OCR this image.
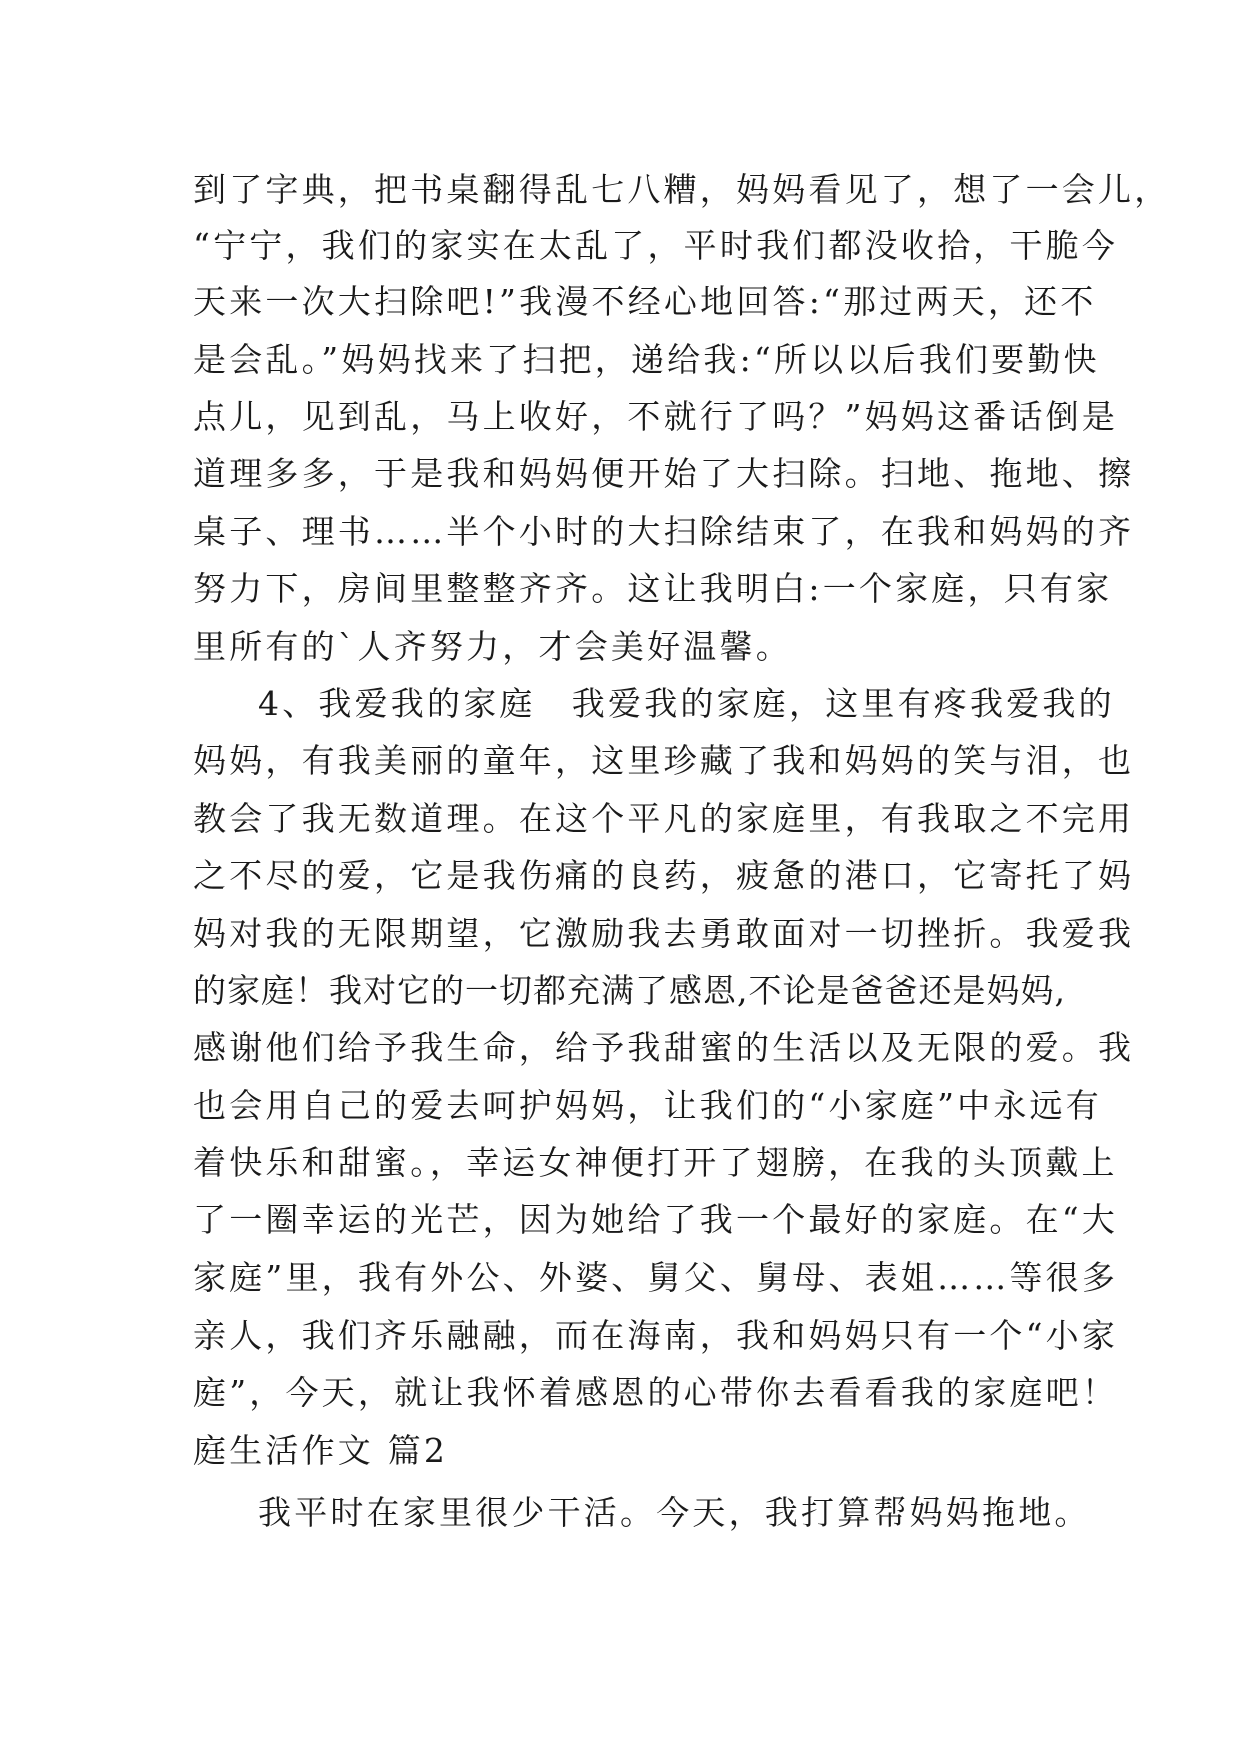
到了字典，把书桌翻得乱七八糟，妈妈看见了，想了一会儿，
“宁宁，我们的家实在太乱了，平时我们都没收拾，干脆今
天来一次大扫除吧!”我漫不经心地回答:“那过两天，还不
是会乱。”妈妈找来了扫把，递给我:“所以以后我们要勤快
点儿，见到乱，马上收好，不就行了吗？”妈妈这番话倒是
道理多多，于是我和妈妈便开始了大扫除。扫地、拖地、擦
桌子、理书……半个小时的大扫除结束了，在我和妈妈的齐
努力下，房间里整整齐齐。这让我明白:一个家庭，只有家
里所有的`人齐努力，才会美好温馨。
4、我爱我的家庭　我爱我的家庭，这里有疼我爱我的
妈妈，有我美丽的童年，这里珍藏了我和妈妈的笑与泪，也
教会了我无数道理。在这个平凡的家庭里，有我取之不完用
之不尽的爱，它是我伤痛的良药，疲惫的港口，它寄托了妈
妈对我的无限期望，它激励我去勇敢面对一切挫折。我爱我
的家庭！我对它的一切都充满了感恩,不论是爸爸还是妈妈,
感谢他们给予我生命，给予我甜蜜的生活以及无限的爱。我
也会用自己的爱去呵护妈妈，让我们的“小家庭”中永远有
着快乐和甜蜜。，幸运女神便打开了翅膀，在我的头顶戴上
了一圈幸运的光芒，因为她给了我一个最好的家庭。在“大
家庭”里，我有外公、外婆、舅父、舅母、表姐……等很多
亲人，我们齐乐融融，而在海南，我和妈妈只有一个“小家
庭”，今天，就让我怀着感恩的心带你去看看我的家庭吧！
庭生活作文 篇2
我平时在家里很少干活。今天，我打算帮妈妈拖地。
